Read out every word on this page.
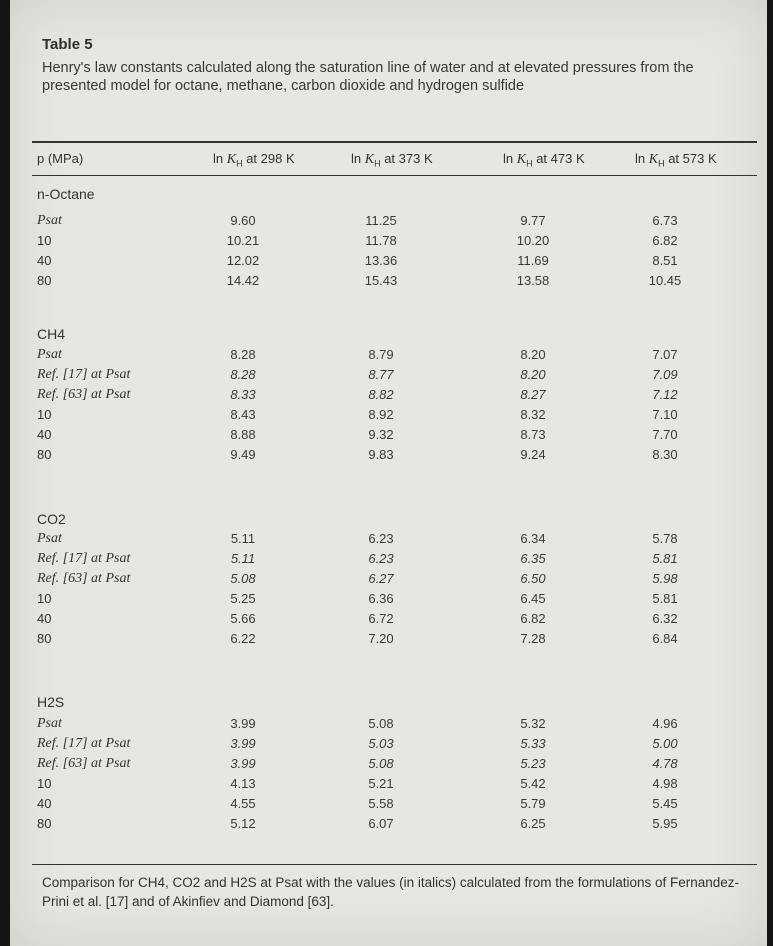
Table 5
Henry's law constants calculated along the saturation line of water and at elevated pressures from the presented model for octane, methane, carbon dioxide and hydrogen sulfide
p (MPa)	$\ln K_H$ at 298 K	$\ln K_H$ at 373 K	$\ln K_H$ at 473 K	$\ln K_H$ at 573 K
n-Octane
Psat	9.60	11.25	9.77	6.73
10	10.21	11.78	10.20	6.82
40	12.02	13.36	11.69	8.51
80	14.42	15.43	13.58	10.45
CH4
Psat	8.28	8.79	8.20	7.07
Ref. [17] at Psat	8.28	8.77	8.20	7.09
Ref. [63] at Psat	8.33	8.82	8.27	7.12
10	8.43	8.92	8.32	7.10
40	8.88	9.32	8.73	7.70
80	9.49	9.83	9.24	8.30
CO2
Psat	5.11	6.23	6.34	5.78
Ref. [17] at Psat	5.11	6.23	6.35	5.81
Ref. [63] at Psat	5.08	6.27	6.50	5.98
10	5.25	6.36	6.45	5.81
40	5.66	6.72	6.82	6.32
80	6.22	7.20	7.28	6.84
H2S
Psat	3.99	5.08	5.32	4.96
Ref. [17] at Psat	3.99	5.03	5.33	5.00
Ref. [63] at Psat	3.99	5.08	5.23	4.78
10	4.13	5.21	5.42	4.98
40	4.55	5.58	5.79	5.45
80	5.12	6.07	6.25	5.95
Comparison for CH4, CO2 and H2S at Psat with the values (in italics) calculated from the formulations of Fernandez-Prini et al. [17] and of Akinfiev and Diamond [63].
